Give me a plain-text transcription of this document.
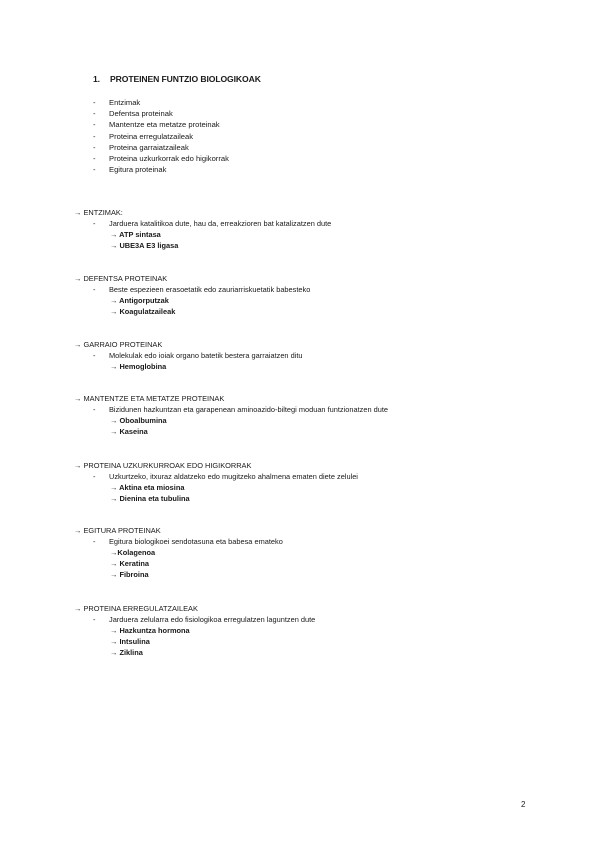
1. PROTEINEN FUNTZIO BIOLOGIKOAK
- Entzimak
- Defentsa proteinak
- Mantentze eta metatze proteinak
- Proteina erregulatzaileak
- Proteina garraiatzaileak
- Proteina uzkurkorrak edo higikorrak
- Egitura proteinak
→ ENTZIMAK:
- Jarduera katalitikoa dute, hau da, erreakzioren bat katalizatzen dute
→ ATP sintasa
→ UBE3A E3 ligasa
→ DEFENTSA PROTEINAK
- Beste espezieen erasoetatik edo zauriarriskuetatik babesteko
→ Antigorputzak
→ Koagulatzaileak
→ GARRAIO PROTEINAK
- Molekulak edo ioiak organo batetik bestera garraiatzen ditu
→ Hemoglobina
→ MANTENTZE ETA METATZE PROTEINAK
- Bizidunen hazkuntzan eta garapenean aminoazido-biltegi moduan funtzionatzen dute
→ Oboalbumina
→ Kaseina
→ PROTEINA UZKURKURROAK EDO HIGIKORRAK
- Uzkurtzeko, itxuraz aldatzeko edo mugitzeko ahalmena ematen diete zelulei
→ Aktina eta miosina
→ Dienina eta tubulina
→ EGITURA PROTEINAK
- Egitura biologikoei sendotasuna eta babesa emateko
→Kolagenoa
→ Keratina
→ Fibroina
→ PROTEINA ERREGULATZAILEAK
- Jarduera zelularra edo fisiologikoa erregulatzen laguntzen dute
→ Hazkuntza hormona
→ Intsulina
→ Ziklina
2
